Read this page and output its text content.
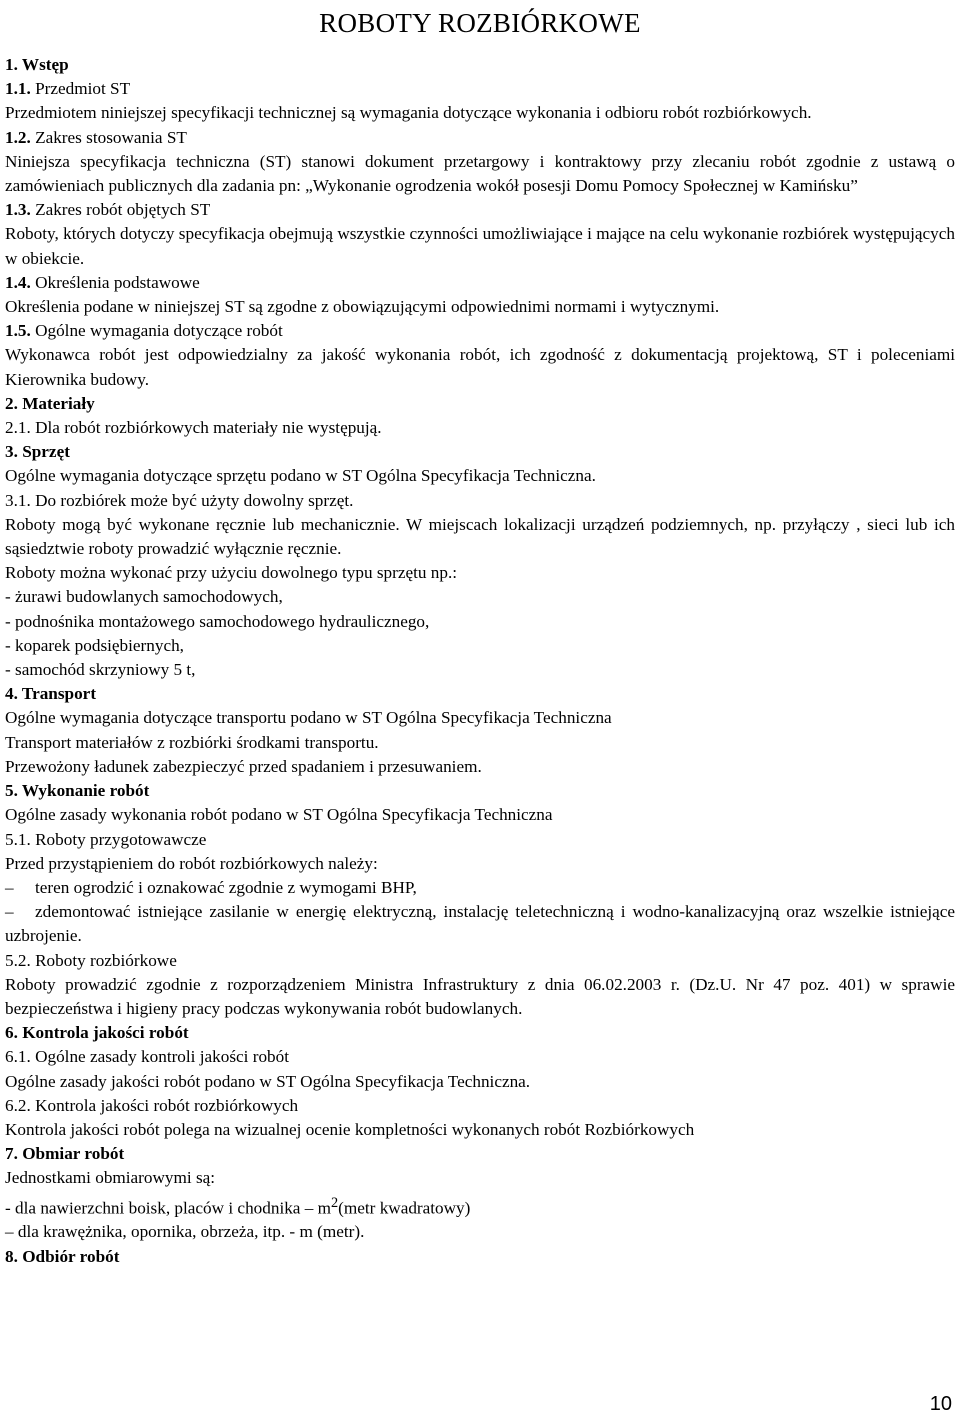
ROBOTY ROZBIÓRKOWE

1. Wstęp

1.1. Przedmiot ST

Przedmiotem niniejszej specyfikacji technicznej są wymagania dotyczące wykonania i odbioru robót rozbiórkowych.

1.2. Zakres stosowania ST

Niniejsza specyfikacja techniczna (ST) stanowi dokument przetargowy i kontraktowy przy zlecaniu robót zgodnie z ustawą o zamówieniach publicznych dla zadania pn: „Wykonanie ogrodzenia wokół posesji Domu Pomocy Społecznej w Kamińsku”

1.3. Zakres robót objętych ST

Roboty, których dotyczy specyfikacja obejmują wszystkie czynności umożliwiające i mające na celu wykonanie rozbiórek występujących w obiekcie.

1.4. Określenia podstawowe

Określenia podane w niniejszej ST są zgodne z obowiązującymi odpowiednimi normami i wytycznymi.

1.5. Ogólne wymagania dotyczące robót

Wykonawca robót jest odpowiedzialny za jakość wykonania robót, ich zgodność z dokumentacją projektową, ST i poleceniami Kierownika budowy.

2. Materiały

2.1. Dla robót rozbiórkowych materiały nie występują.

3. Sprzęt

Ogólne wymagania dotyczące sprzętu podano w ST Ogólna Specyfikacja Techniczna.

3.1. Do rozbiórek może być użyty dowolny sprzęt.

Roboty mogą być wykonane ręcznie lub mechanicznie. W miejscach lokalizacji urządzeń podziemnych, np. przyłączy , sieci lub ich sąsiedztwie roboty prowadzić wyłącznie ręcznie.

Roboty można wykonać przy użyciu dowolnego typu sprzętu np.:

- żurawi budowlanych samochodowych,

- podnośnika montażowego samochodowego hydraulicznego,

- koparek podsiębiernych,

- samochód skrzyniowy 5 t,

4. Transport

Ogólne wymagania dotyczące transportu podano w ST Ogólna Specyfikacja Techniczna

Transport materiałów z rozbiórki środkami transportu.

Przewożony ładunek zabezpieczyć przed spadaniem i przesuwaniem.

5. Wykonanie robót

Ogólne zasady wykonania robót podano w ST Ogólna Specyfikacja Techniczna

5.1. Roboty przygotowawcze

Przed przystąpieniem do robót rozbiórkowych należy:

– teren ogrodzić i oznakować zgodnie z wymogami BHP,

– zdemontować istniejące zasilanie w energię elektryczną, instalację teletechniczną i wodno-kanalizacyjną oraz wszelkie istniejące uzbrojenie.

5.2. Roboty rozbiórkowe

Roboty prowadzić zgodnie z rozporządzeniem Ministra Infrastruktury z dnia 06.02.2003 r. (Dz.U. Nr 47 poz. 401) w sprawie bezpieczeństwa i higieny pracy podczas wykonywania robót budowlanych.

6. Kontrola jakości robót

6.1. Ogólne zasady kontroli jakości robót

Ogólne zasady jakości robót podano w ST Ogólna Specyfikacja Techniczna.

6.2. Kontrola jakości robót rozbiórkowych

Kontrola jakości robót polega na wizualnej ocenie kompletności wykonanych robót Rozbiórkowych

7. Obmiar robót

Jednostkami obmiarowymi są:

- dla nawierzchni boisk, placów i chodnika – $m^2(metr$ kwadratowy)

– dla krawężnika, opornika, obrzeża, itp. - m (metr).

8. Odbiór robót

10
